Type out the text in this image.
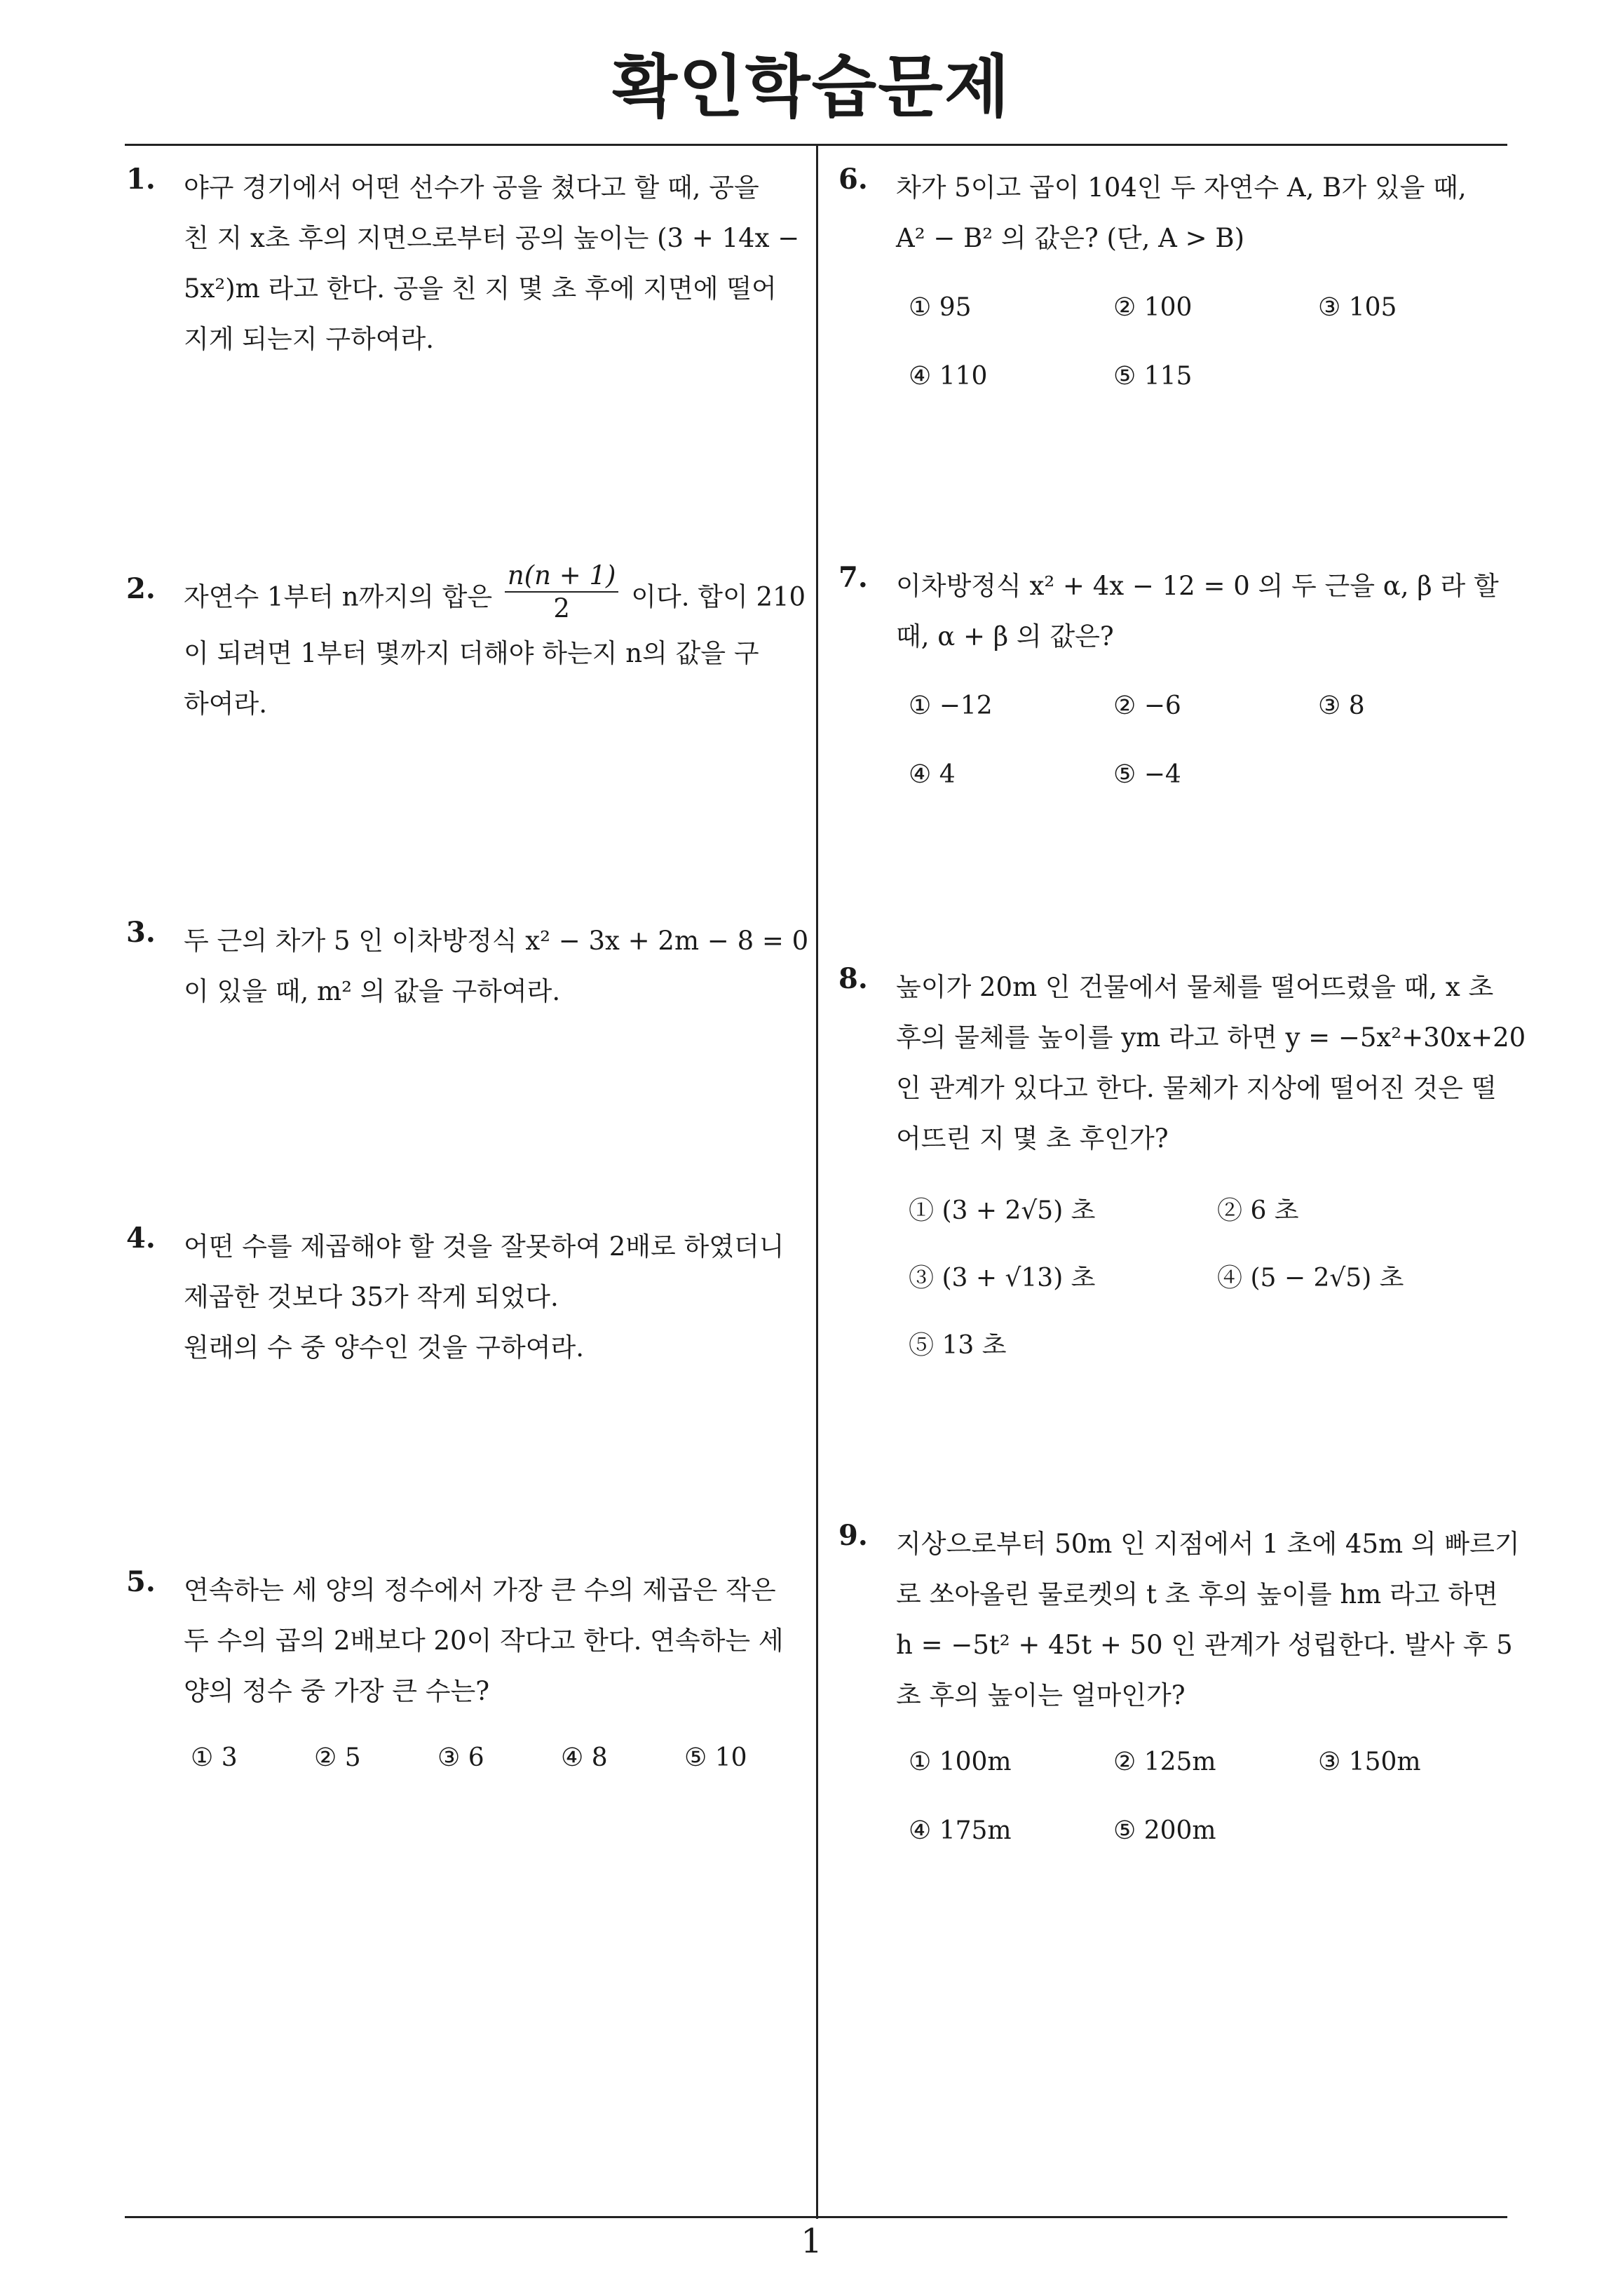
확인학습문제
1
1. 야구 경기에서 어떤 선수가 공을 쳤다고 할 때, 공을
친 지 x초 후의 지면으로부터 공의 높이는 (3 + 14x −
5x²)m 라고 한다. 공을 친 지 몇 초 후에 지면에 떨어
지게 되는지 구하여라.
2. 자연수 1부터 n까지의 합은 $\frac{n(n + 1)}{2}$ 이다. 합이 210
이 되려면 1부터 몇까지 더해야 하는지 n의 값을 구
하여라.
3. 두 근의 차가 5 인 이차방정식 x² − 3x + 2m − 8 = 0
이 있을 때, m² 의 값을 구하여라.
4. 어떤 수를 제곱해야 할 것을 잘못하여 2배로 하였더니
제곱한 것보다 35가 작게 되었다.
원래의 수 중 양수인 것을 구하여라.
5. 연속하는 세 양의 정수에서 가장 큰 수의 제곱은 작은
두 수의 곱의 2배보다 20이 작다고 한다. 연속하는 세
양의 정수 중 가장 큰 수는?
① 3	② 5	③ 6	④ 8	⑤ 10
6. 차가 5이고 곱이 104인 두 자연수 A, B가 있을 때,
A² − B² 의 값은? (단, A > B)
① 95	② 100	③ 105
④ 110	⑤ 115
7. 이차방정식 x² + 4x − 12 = 0 의 두 근을 α, β 라 할
때, α + β 의 값은?
① −12	② −6	③ 8
④ 4	⑤ −4
8. 높이가 20m 인 건물에서 물체를 떨어뜨렸을 때, x 초
후의 물체를 높이를 ym 라고 하면 y = −5x²+30x+20
인 관계가 있다고 한다. 물체가 지상에 떨어진 것은 떨
어뜨린 지 몇 초 후인가?
① (3 + 2√5) 초	② 6 초
③ (3 + √13) 초	④ (5 − 2√5) 초
⑤ 13 초
9. 지상으로부터 50m 인 지점에서 1 초에 45m 의 빠르기
로 쏘아올린 물로켓의 t 초 후의 높이를 hm 라고 하면
h = −5t² + 45t + 50 인 관계가 성립한다. 발사 후 5
초 후의 높이는 얼마인가?
① 100m	② 125m	③ 150m
④ 175m	⑤ 200m
